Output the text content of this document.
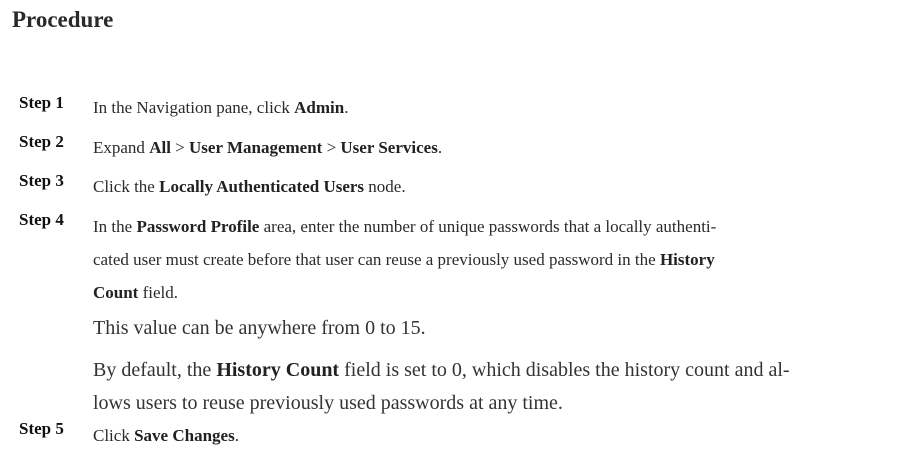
Procedure
Step 1 In the Navigation pane, click Admin.
Step 2 Expand All > User Management > User Services.
Step 3 Click the Locally Authenticated Users node.
Step 4 In the Password Profile area, enter the number of unique passwords that a locally authenti-
cated user must create before that user can reuse a previously used password in the History
Count field.
This value can be anywhere from 0 to 15.
By default, the History Count field is set to 0, which disables the history count and al-
lows users to reuse previously used passwords at any time.
Step 5 Click Save Changes.
